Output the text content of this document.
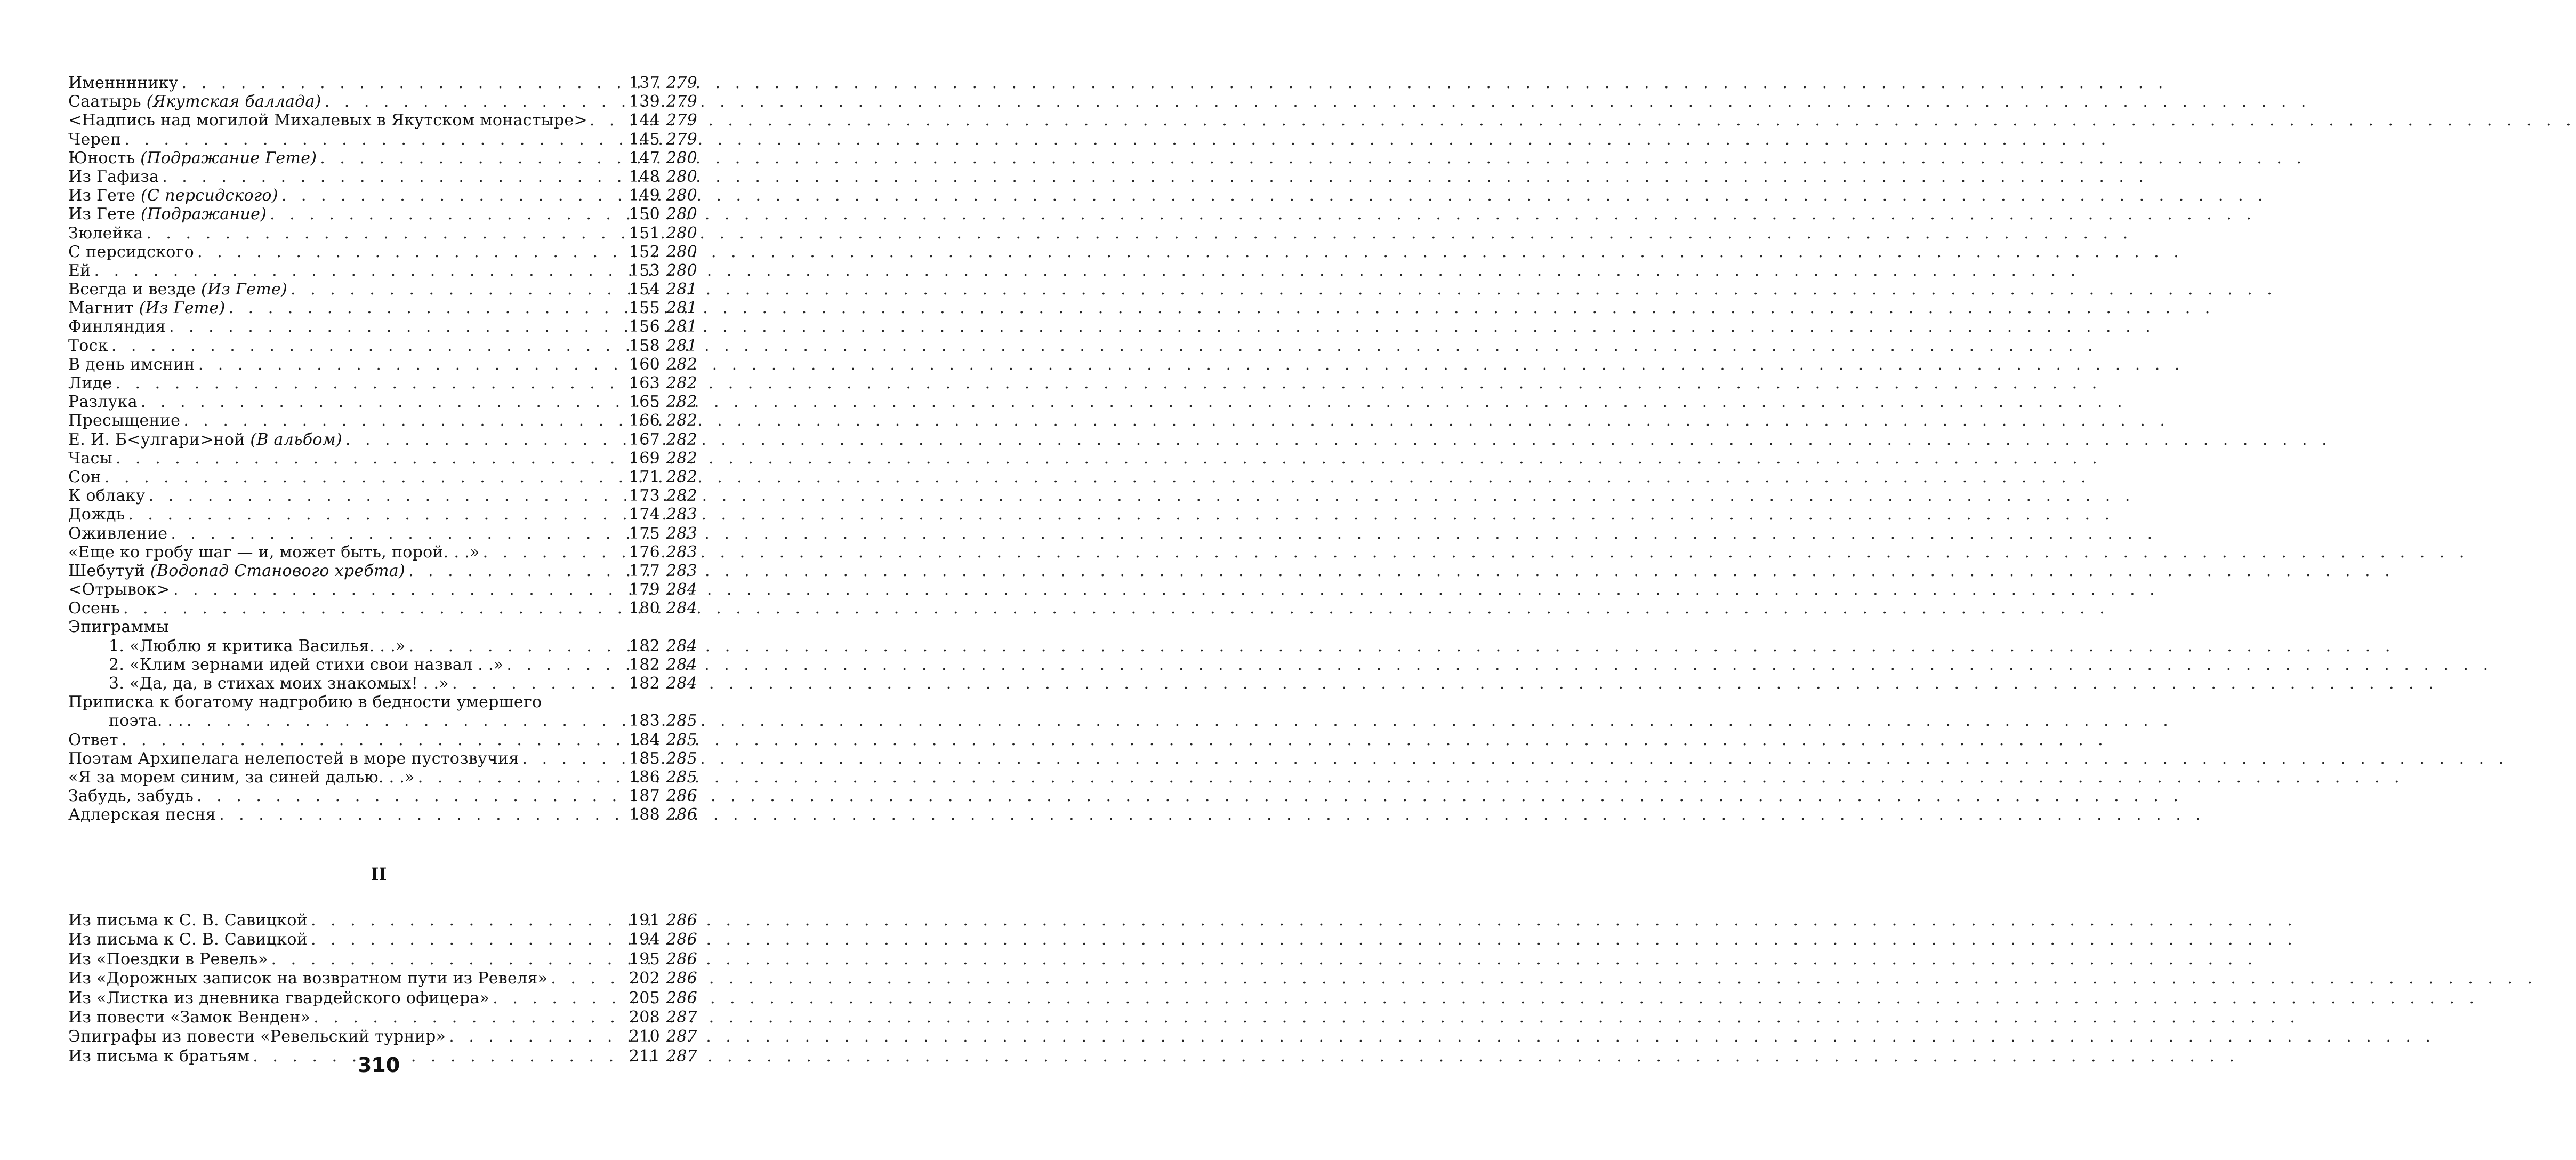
Именнннику . . .	137 279
Саатырь (Якутская баллада) . . .	139 279
<Надпись над могилой Михалевых в Якутском монастыре> . . .	144 279
Череп . . .	145 279
Юность (Подражание Гете) . . .	147 280
Из Гафиза . . .	148 280
Из Гете (С персидского) . . .	149 280
Из Гете (Подражание) . . .	150 280
Зюлейка . . .	151 280
С персидского . . .	152 280
Ей . . .	153 280
Всегда и везде (Из Гете) . . .	154 281
Магнит (Из Гете) . . .	155 281
Финляндия . . .	156 281
Тоск . . .	158 281
В день имснин . . .	160 282
Лиде . . .	163 282
Разлука . . .	165 282
Пресыщение . . .	166 282
Е. И. Б<улгари>ной (В альбом) . . .	167 282
Часы . . .	169 282
Сон . . .	171 282
К облаку . . .	173 282
Дождь . . .	174 283
Оживление . . .	175 283
«Еще ко гробу шаг — и, может быть, порой. . .» . . .	176 283
Шебутуй (Водопад Станового хребта) . . .	177 283
<Отрывок> . . .	179 284
Осень . . .	180 284
Эпиграммы
1. «Люблю я критика Василья. . .» . . .	182 284
2. «Клим зернами идей стихи свои назвал . .» . . .	182 284
3. «Да, да, в стихах моих знакомых! . .» . . .	182 284
Приписка к богатому надгробию в бедности умершего
поэта. . . . . .	183 285
Ответ . . .	184 285
Поэтам Архипелага нелепостей в море пустозвучия . . .	185 285
«Я за морем синим, за синей далью. . .» . . .	186 285
Забудь, забудь . . .	187 286
Адлерская песня . . .	188 286
II
Из письма к С. В. Савицкой . . .	191 286
Из письма к С. В. Савицкой . . .	194 286
Из «Поездки в Ревель» . . .	195 286
Из «Дорожных записок на возвратном пути из Ревеля» . . .	202 286
Из «Листка из дневника гвардейского офицера» . . .	205 286
Из повести «Замок Венден» . . .	208 287
Эпиграфы из повести «Ревельский турнир» . . .	210 287
Из письма к братьям . . .	211 287
310
